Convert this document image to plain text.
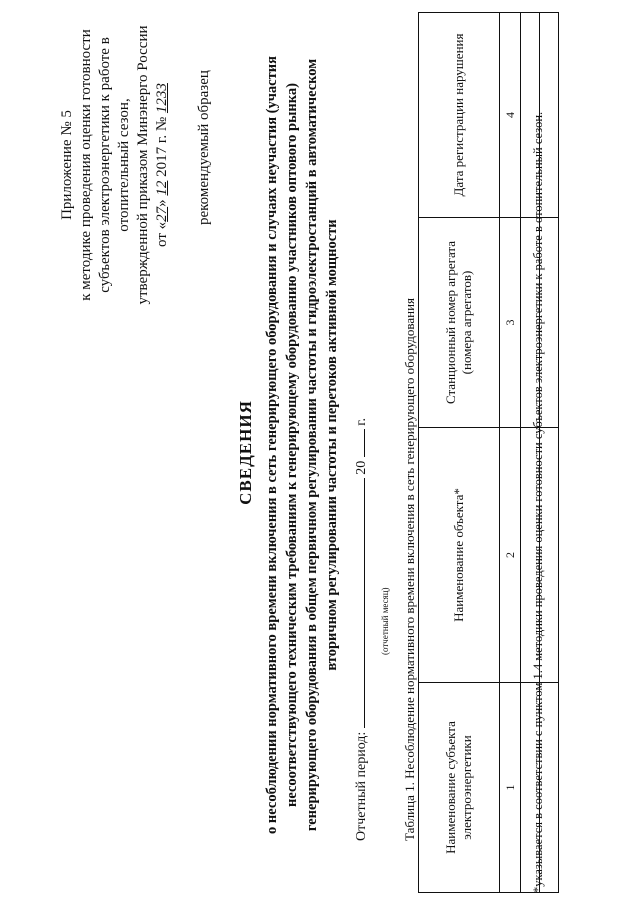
Приложение № 5 к методике проведения оценки готовности субъектов электроэнергетики к работе в отопительный сезон, утвержденной приказом Минэнерго России от «27» 12 2017 г. № 1233 рекомендуемый образец
СВЕДЕНИЯ о несоблюдении нормативного времени включения в сеть генерирующего оборудования и случаях неучастия (участия несоответствующего техническим требованиям к генерирующему оборудованию участников оптового рынка) генерирующего оборудования в общем первичном регулировании частоты и гидроэлектростанций в автоматическом вторичном регулировании частоты и перетоков активной мощности
Отчетный период:  20  г.
(отчетный месяц) Таблица 1. Несоблюдение нормативного времени включения в сеть генерирующего оборудования Наименование субъекта электроэнергетики	Наименование объекта*	Станционный номер агрегата (номера агрегатов)	Дата регистрации нарушения
1	2	3	4

			*указывается в соответствии с пунктом 1.4 методики проведения оценки готовности субъектов электроэнергетики к работе в отопительный сезон.
